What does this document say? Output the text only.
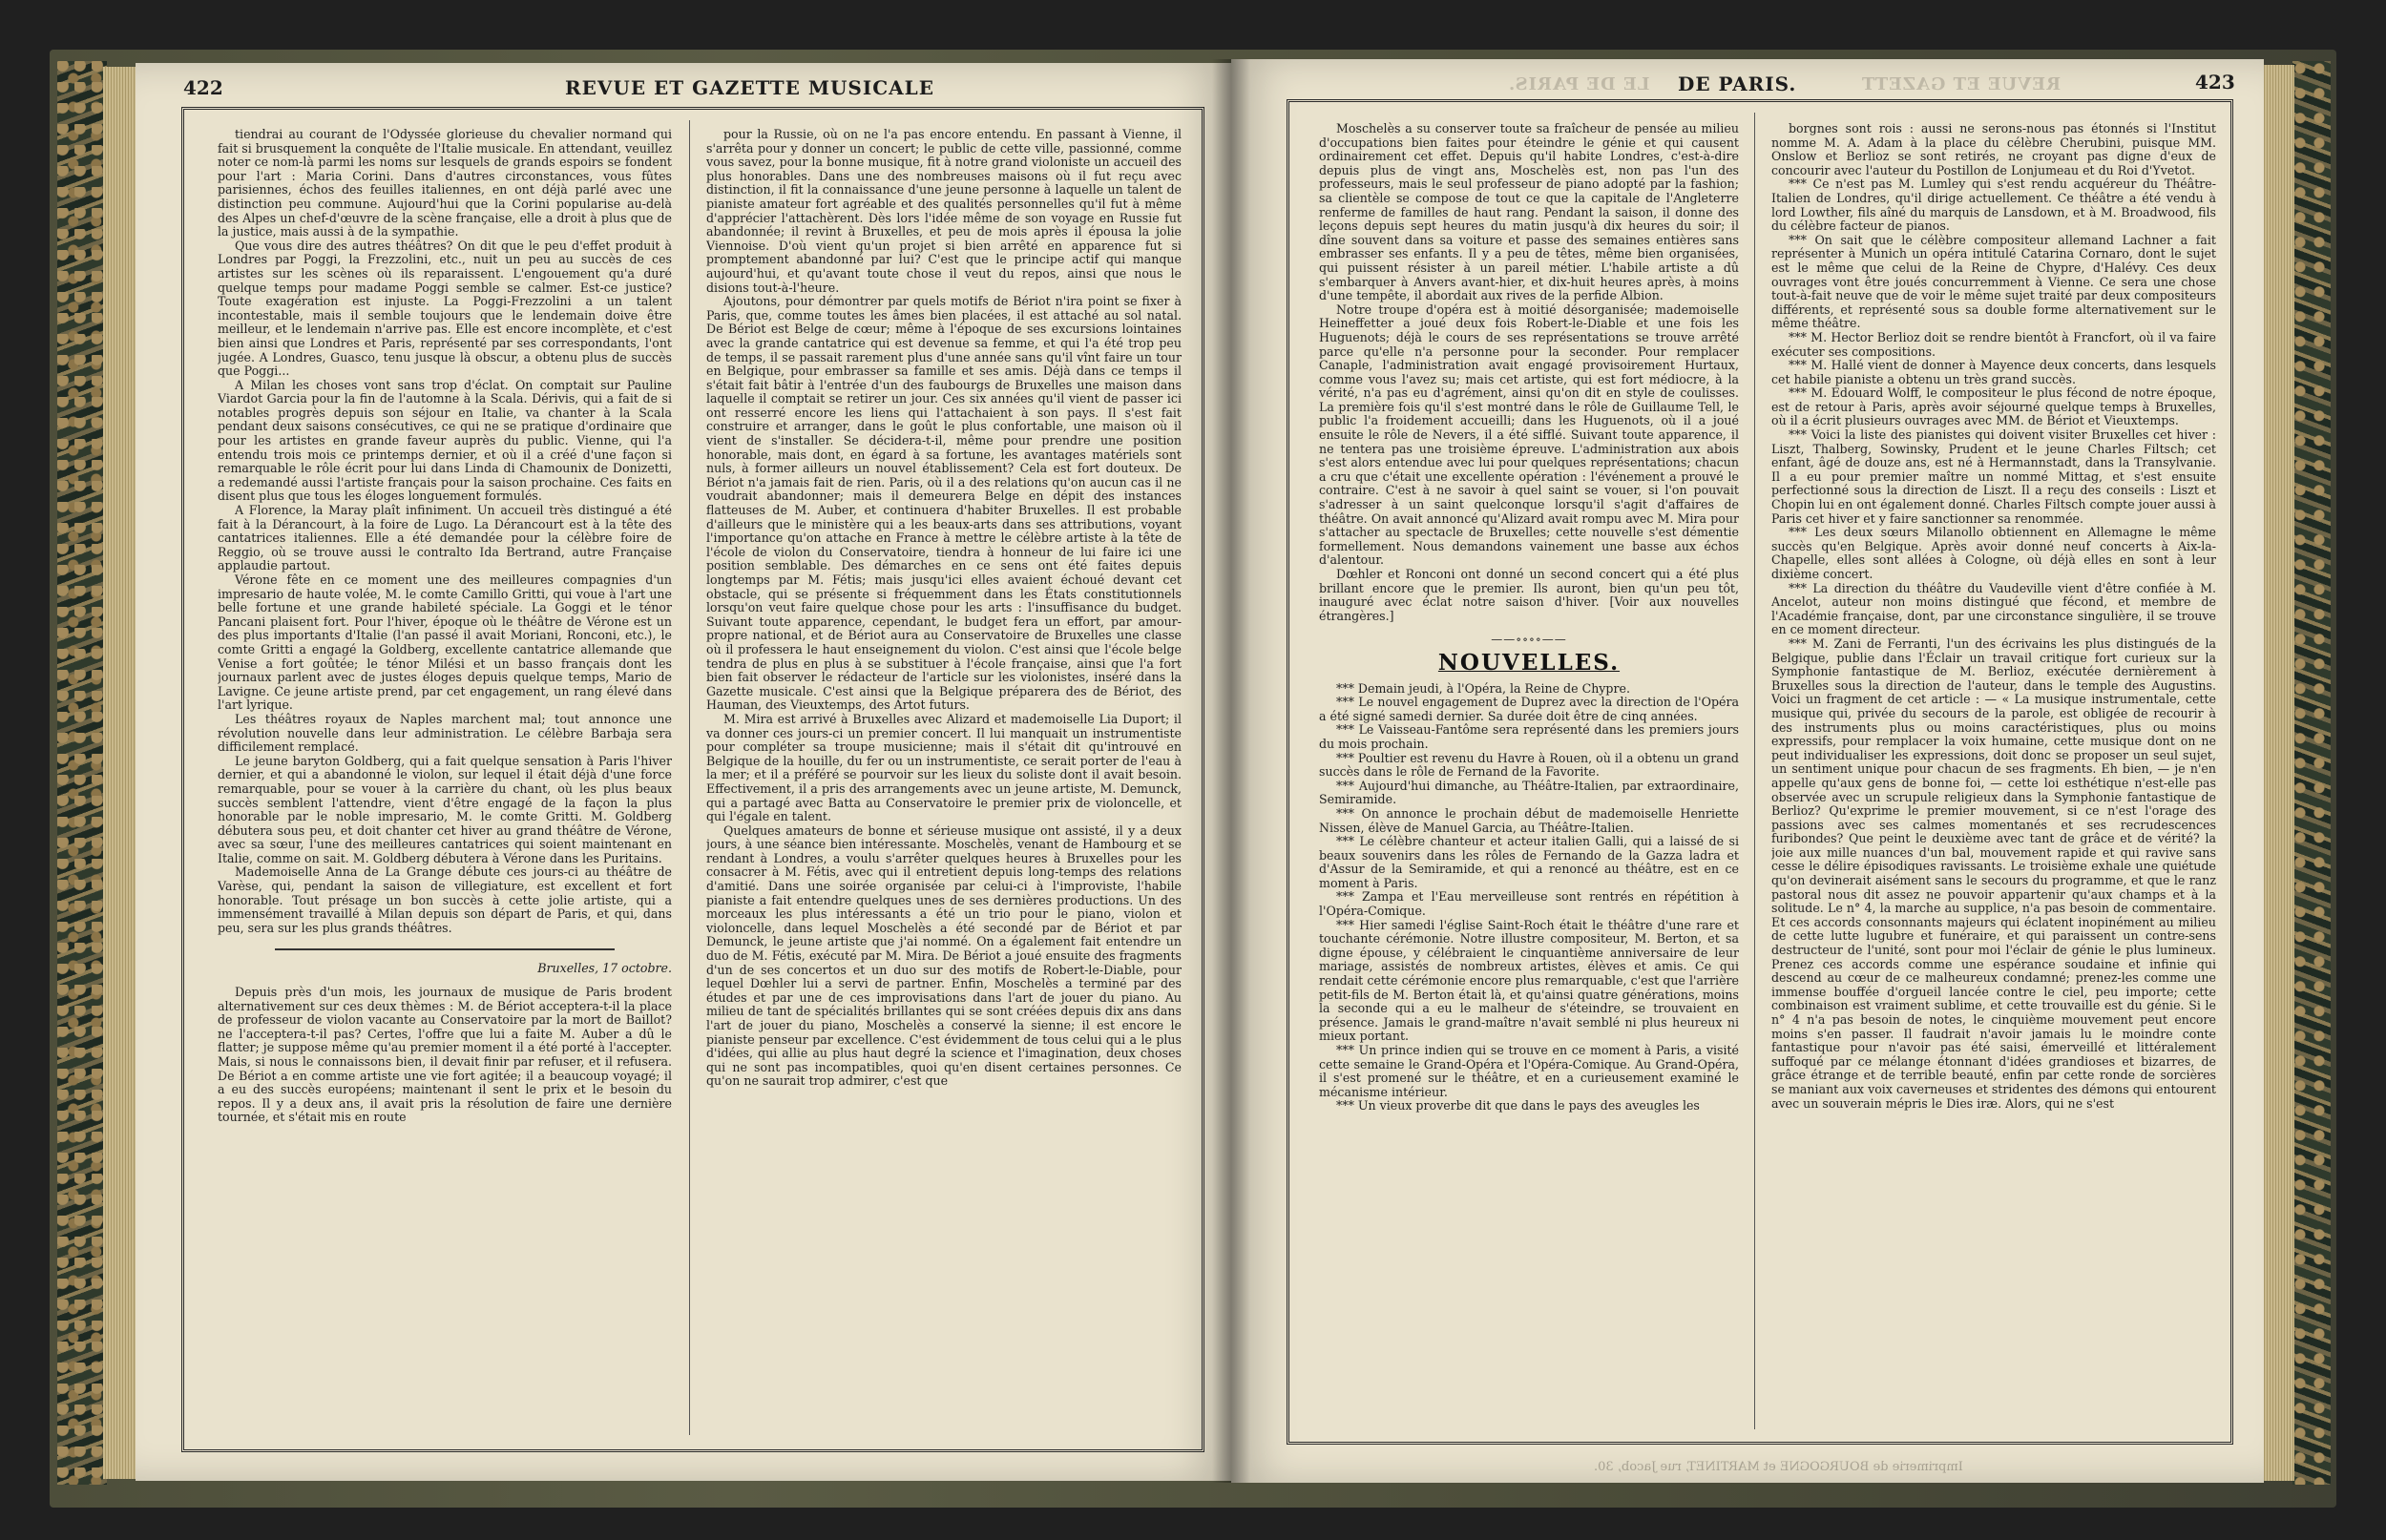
422	REVUE ET GAZETTE MUSICALE

tiendrai au courant de l'Odyssée glorieuse du chevalier normand qui fait si brusquement la conquête de l'Italie musicale. En attendant, veuillez noter ce nom-là parmi les noms sur lesquels de grands espoirs se fondent pour l'art : Maria Corini. Dans d'autres circonstances, vous fûtes parisiennes, échos des feuilles italiennes, en ont déjà parlé avec une distinction peu commune. Aujourd'hui que la Corini popularise au-delà des Alpes un chef-d'œuvre de la scène française, elle a droit à plus que de la justice, mais aussi à de la sympathie.

Que vous dire des autres théâtres? On dit que le peu d'effet produit à Londres par Poggi, la Frezzolini, etc., nuit un peu au succès de ces artistes sur les scènes où ils reparaissent. L'engouement qu'a duré quelque temps pour madame Poggi semble se calmer. Est-ce justice? Toute exagération est injuste. La Poggi-Frezzolini a un talent incontestable, mais il semble toujours que le lendemain doive être meilleur, et le lendemain n'arrive pas. Elle est encore incomplète, et c'est bien ainsi que Londres et Paris, représenté par ses correspondants, l'ont jugée. A Londres, Guasco, tenu jusque là obscur, a obtenu plus de succès que Poggi...

A Milan les choses vont sans trop d'éclat. On comptait sur Pauline Viardot Garcia pour la fin de l'automne à la Scala. Dérivis, qui a fait de si notables progrès depuis son séjour en Italie, va chanter à la Scala pendant deux saisons consécutives, ce qui ne se pratique d'ordinaire que pour les artistes en grande faveur auprès du public. Vienne, qui l'a entendu trois mois ce printemps dernier, et où il a créé d'une façon si remarquable le rôle écrit pour lui dans Linda di Chamounix de Donizetti, a redemandé aussi l'artiste français pour la saison prochaine. Ces faits en disent plus que tous les éloges longuement formulés.

A Florence, la Maray plaît infiniment. Un accueil très distingué a été fait à la Dérancourt, à la foire de Lugo. La Dérancourt est à la tête des cantatrices italiennes. Elle a été demandée pour la célèbre foire de Reggio, où se trouve aussi le contralto Ida Bertrand, autre Française applaudie partout.

Vérone fête en ce moment une des meilleures compagnies d'un impresario de haute volée, M. le comte Camillo Gritti, qui voue à l'art une belle fortune et une grande habileté spéciale. La Goggi et le ténor Pancani plaisent fort. Pour l'hiver, époque où le théâtre de Vérone est un des plus importants d'Italie (l'an passé il avait Moriani, Ronconi, etc.), le comte Gritti a engagé la Goldberg, excellente cantatrice allemande que Venise a fort goûtée; le ténor Milési et un basso français dont les journaux parlent avec de justes éloges depuis quelque temps, Mario de Lavigne. Ce jeune artiste prend, par cet engagement, un rang élevé dans l'art lyrique.

Les théâtres royaux de Naples marchent mal; tout annonce une révolution nouvelle dans leur administration. Le célèbre Barbaja sera difficilement remplacé.

Le jeune baryton Goldberg, qui a fait quelque sensation à Paris l'hiver dernier, et qui a abandonné le violon, sur lequel il était déjà d'une force remarquable, pour se vouer à la carrière du chant, où les plus beaux succès semblent l'attendre, vient d'être engagé de la façon la plus honorable par le noble impresario, M. le comte Gritti. M. Goldberg débutera sous peu, et doit chanter cet hiver au grand théâtre de Vérone, avec sa sœur, l'une des meilleures cantatrices qui soient maintenant en Italie, comme on sait. M. Goldberg débutera à Vérone dans les Puritains.

Mademoiselle Anna de La Grange débute ces jours-ci au théâtre de Varèse, qui, pendant la saison de villegiature, est excellent et fort honorable. Tout présage un bon succès à cette jolie artiste, qui a immensément travaillé à Milan depuis son départ de Paris, et qui, dans peu, sera sur les plus grands théâtres.

Bruxelles, 17 octobre.

Depuis près d'un mois, les journaux de musique de Paris brodent alternativement sur ces deux thèmes : M. de Bériot acceptera-t-il la place de professeur de violon vacante au Conservatoire par la mort de Baillot? ne l'acceptera-t-il pas? Certes, l'offre que lui a faite M. Auber a dû le flatter; je suppose même qu'au premier moment il a été porté à l'accepter. Mais, si nous le connaissons bien, il devait finir par refuser, et il refusera. De Bériot a en comme artiste une vie fort agitée; il a beaucoup voyagé; il a eu des succès européens; maintenant il sent le prix et le besoin du repos. Il y a deux ans, il avait pris la résolution de faire une dernière tournée, et s'était mis en route

pour la Russie, où on ne l'a pas encore entendu. En passant à Vienne, il s'arrêta pour y donner un concert; le public de cette ville, passionné, comme vous savez, pour la bonne musique, fit à notre grand violoniste un accueil des plus honorables. Dans une des nombreuses maisons où il fut reçu avec distinction, il fit la connaissance d'une jeune personne à laquelle un talent de pianiste amateur fort agréable et des qualités personnelles qu'il fut à même d'apprécier l'attachèrent. Dès lors l'idée même de son voyage en Russie fut abandonnée; il revint à Bruxelles, et peu de mois après il épousa la jolie Viennoise. D'où vient qu'un projet si bien arrêté en apparence fut si promptement abandonné par lui? C'est que le principe actif qui manque aujourd'hui, et qu'avant toute chose il veut du repos, ainsi que nous le disions tout-à-l'heure.

Ajoutons, pour démontrer par quels motifs de Bériot n'ira point se fixer à Paris, que, comme toutes les âmes bien placées, il est attaché au sol natal. De Bériot est Belge de cœur; même à l'époque de ses excursions lointaines avec la grande cantatrice qui est devenue sa femme, et qui l'a été trop peu de temps, il se passait rarement plus d'une année sans qu'il vînt faire un tour en Belgique, pour embrasser sa famille et ses amis. Déjà dans ce temps il s'était fait bâtir à l'entrée d'un des faubourgs de Bruxelles une maison dans laquelle il comptait se retirer un jour. Ces six années qu'il vient de passer ici ont resserré encore les liens qui l'attachaient à son pays. Il s'est fait construire et arranger, dans le goût le plus confortable, une maison où il vient de s'installer. Se décidera-t-il, même pour prendre une position honorable, mais dont, en égard à sa fortune, les avantages matériels sont nuls, à former ailleurs un nouvel établissement? Cela est fort douteux. De Bériot n'a jamais fait de rien. Paris, où il a des relations qu'on aucun cas il ne voudrait abandonner; mais il demeurera Belge en dépit des instances flatteuses de M. Auber, et continuera d'habiter Bruxelles. Il est probable d'ailleurs que le ministère qui a les beaux-arts dans ses attributions, voyant l'importance qu'on attache en France à mettre le célèbre artiste à la tête de l'école de violon du Conservatoire, tiendra à honneur de lui faire ici une position semblable. Des démarches en ce sens ont été faites depuis longtemps par M. Fétis; mais jusqu'ici elles avaient échoué devant cet obstacle, qui se présente si fréquemment dans les États constitutionnels lorsqu'on veut faire quelque chose pour les arts : l'insuffisance du budget. Suivant toute apparence, cependant, le budget fera un effort, par amour-propre national, et de Bériot aura au Conservatoire de Bruxelles une classe où il professera le haut enseignement du violon. C'est ainsi que l'école belge tendra de plus en plus à se substituer à l'école française, ainsi que l'a fort bien fait observer le rédacteur de l'article sur les violonistes, inséré dans la Gazette musicale. C'est ainsi que la Belgique préparera des de Bériot, des Hauman, des Vieuxtemps, des Artot futurs.

M. Mira est arrivé à Bruxelles avec Alizard et mademoiselle Lia Duport; il va donner ces jours-ci un premier concert. Il lui manquait un instrumentiste pour compléter sa troupe musicienne; mais il s'était dit qu'introuvé en Belgique de la houille, du fer ou un instrumentiste, ce serait porter de l'eau à la mer; et il a préféré se pourvoir sur les lieux du soliste dont il avait besoin. Effectivement, il a pris des arrangements avec un jeune artiste, M. Demunck, qui a partagé avec Batta au Conservatoire le premier prix de violoncelle, et qui l'égale en talent.

Quelques amateurs de bonne et sérieuse musique ont assisté, il y a deux jours, à une séance bien intéressante. Moschelès, venant de Hambourg et se rendant à Londres, a voulu s'arrêter quelques heures à Bruxelles pour les consacrer à M. Fétis, avec qui il entretient depuis long-temps des relations d'amitié. Dans une soirée organisée par celui-ci à l'improviste, l'habile pianiste a fait entendre quelques unes de ses dernières productions. Un des morceaux les plus intéressants a été un trio pour le piano, violon et violoncelle, dans lequel Moschelès a été secondé par de Bériot et par Demunck, le jeune artiste que j'ai nommé. On a également fait entendre un duo de M. Fétis, exécuté par M. Mira. De Bériot a joué ensuite des fragments d'un de ses concertos et un duo sur des motifs de Robert-le-Diable, pour lequel Dœhler lui a servi de partner. Enfin, Moschelès a terminé par des études et par une de ces improvisations dans l'art de jouer du piano. Au milieu de tant de spécialités brillantes qui se sont créées depuis dix ans dans l'art de jouer du piano, Moschelès a conservé la sienne; il est encore le pianiste penseur par excellence. C'est évidemment de tous celui qui a le plus d'idées, qui allie au plus haut degré la science et l'imagination, deux choses qui ne sont pas incompatibles, quoi qu'en disent certaines personnes. Ce qu'on ne saurait trop admirer, c'est que

LE DE PARIS.	REVUE ET GAZETT
DE PARIS.	423

Moschelès a su conserver toute sa fraîcheur de pensée au milieu d'occupations bien faites pour éteindre le génie et qui causent ordinairement cet effet. Depuis qu'il habite Londres, c'est-à-dire depuis plus de vingt ans, Moschelès est, non pas l'un des professeurs, mais le seul professeur de piano adopté par la fashion; sa clientèle se compose de tout ce que la capitale de l'Angleterre renferme de familles de haut rang. Pendant la saison, il donne des leçons depuis sept heures du matin jusqu'à dix heures du soir; il dîne souvent dans sa voiture et passe des semaines entières sans embrasser ses enfants. Il y a peu de têtes, même bien organisées, qui puissent résister à un pareil métier. L'habile artiste a dû s'embarquer à Anvers avant-hier, et dix-huit heures après, à moins d'une tempête, il abordait aux rives de la perfide Albion.

Notre troupe d'opéra est à moitié désorganisée; mademoiselle Heineffetter a joué deux fois Robert-le-Diable et une fois les Huguenots; déjà le cours de ses représentations se trouve arrêté parce qu'elle n'a personne pour la seconder. Pour remplacer Canaple, l'administration avait engagé provisoirement Hurtaux, comme vous l'avez su; mais cet artiste, qui est fort médiocre, à la vérité, n'a pas eu d'agrément, ainsi qu'on dit en style de coulisses. La première fois qu'il s'est montré dans le rôle de Guillaume Tell, le public l'a froidement accueilli; dans les Huguenots, où il a joué ensuite le rôle de Nevers, il a été sifflé. Suivant toute apparence, il ne tentera pas une troisième épreuve. L'administration aux abois s'est alors entendue avec lui pour quelques représentations; chacun a cru que c'était une excellente opération : l'événement a prouvé le contraire. C'est à ne savoir à quel saint se vouer, si l'on pouvait s'adresser à un saint quelconque lorsqu'il s'agit d'affaires de théâtre. On avait annoncé qu'Alizard avait rompu avec M. Mira pour s'attacher au spectacle de Bruxelles; cette nouvelle s'est démentie formellement. Nous demandons vainement une basse aux échos d'alentour.

Dœhler et Ronconi ont donné un second concert qui a été plus brillant encore que le premier. Ils auront, bien qu'un peu tôt, inauguré avec éclat notre saison d'hiver. [Voir aux nouvelles étrangères.]

——∘∘∘∘——
NOUVELLES.

*** Demain jeudi, à l'Opéra, la Reine de Chypre.

*** Le nouvel engagement de Duprez avec la direction de l'Opéra a été signé samedi dernier. Sa durée doit être de cinq années.

*** Le Vaisseau-Fantôme sera représenté dans les premiers jours du mois prochain.

*** Poultier est revenu du Havre à Rouen, où il a obtenu un grand succès dans le rôle de Fernand de la Favorite.

*** Aujourd'hui dimanche, au Théâtre-Italien, par extraordinaire, Semiramide.

*** On annonce le prochain début de mademoiselle Henriette Nissen, élève de Manuel Garcia, au Théâtre-Italien.

*** Le célèbre chanteur et acteur italien Galli, qui a laissé de si beaux souvenirs dans les rôles de Fernando de la Gazza ladra et d'Assur de la Semiramide, et qui a renoncé au théâtre, est en ce moment à Paris.

*** Zampa et l'Eau merveilleuse sont rentrés en répétition à l'Opéra-Comique.

*** Hier samedi l'église Saint-Roch était le théâtre d'une rare et touchante cérémonie. Notre illustre compositeur, M. Berton, et sa digne épouse, y célébraient le cinquantième anniversaire de leur mariage, assistés de nombreux artistes, élèves et amis. Ce qui rendait cette cérémonie encore plus remarquable, c'est que l'arrière petit-fils de M. Berton était là, et qu'ainsi quatre générations, moins la seconde qui a eu le malheur de s'éteindre, se trouvaient en présence. Jamais le grand-maître n'avait semblé ni plus heureux ni mieux portant.

*** Un prince indien qui se trouve en ce moment à Paris, a visité cette semaine le Grand-Opéra et l'Opéra-Comique. Au Grand-Opéra, il s'est promené sur le théâtre, et en a curieusement examiné le mécanisme intérieur.

*** Un vieux proverbe dit que dans le pays des aveugles les

borgnes sont rois : aussi ne serons-nous pas étonnés si l'Institut nomme M. A. Adam à la place du célèbre Cherubini, puisque MM. Onslow et Berlioz se sont retirés, ne croyant pas digne d'eux de concourir avec l'auteur du Postillon de Lonjumeau et du Roi d'Yvetot.

*** Ce n'est pas M. Lumley qui s'est rendu acquéreur du Théâtre-Italien de Londres, qu'il dirige actuellement. Ce théâtre a été vendu à lord Lowther, fils aîné du marquis de Lansdown, et à M. Broadwood, fils du célèbre facteur de pianos.

*** On sait que le célèbre compositeur allemand Lachner a fait représenter à Munich un opéra intitulé Catarina Cornaro, dont le sujet est le même que celui de la Reine de Chypre, d'Halévy. Ces deux ouvrages vont être joués concurremment à Vienne. Ce sera une chose tout-à-fait neuve que de voir le même sujet traité par deux compositeurs différents, et représenté sous sa double forme alternativement sur le même théâtre.

*** M. Hector Berlioz doit se rendre bientôt à Francfort, où il va faire exécuter ses compositions.

*** M. Hallé vient de donner à Mayence deux concerts, dans lesquels cet habile pianiste a obtenu un très grand succès.

*** M. Edouard Wolff, le compositeur le plus fécond de notre époque, est de retour à Paris, après avoir séjourné quelque temps à Bruxelles, où il a écrit plusieurs ouvrages avec MM. de Bériot et Vieuxtemps.

*** Voici la liste des pianistes qui doivent visiter Bruxelles cet hiver : Liszt, Thalberg, Sowinsky, Prudent et le jeune Charles Filtsch; cet enfant, âgé de douze ans, est né à Hermannstadt, dans la Transylvanie. Il a eu pour premier maître un nommé Mittag, et s'est ensuite perfectionné sous la direction de Liszt. Il a reçu des conseils : Liszt et Chopin lui en ont également donné. Charles Filtsch compte jouer aussi à Paris cet hiver et y faire sanctionner sa renommée.

*** Les deux sœurs Milanollo obtiennent en Allemagne le même succès qu'en Belgique. Après avoir donné neuf concerts à Aix-la-Chapelle, elles sont allées à Cologne, où déjà elles en sont à leur dixième concert.

*** La direction du théâtre du Vaudeville vient d'être confiée à M. Ancelot, auteur non moins distingué que fécond, et membre de l'Académie française, dont, par une circonstance singulière, il se trouve en ce moment directeur.

*** M. Zani de Ferranti, l'un des écrivains les plus distingués de la Belgique, publie dans l'Éclair un travail critique fort curieux sur la Symphonie fantastique de M. Berlioz, exécutée dernièrement à Bruxelles sous la direction de l'auteur, dans le temple des Augustins. Voici un fragment de cet article : — « La musique instrumentale, cette musique qui, privée du secours de la parole, est obligée de recourir à des instruments plus ou moins caractéristiques, plus ou moins expressifs, pour remplacer la voix humaine, cette musique dont on ne peut individualiser les expressions, doit donc se proposer un seul sujet, un sentiment unique pour chacun de ses fragments. Eh bien, — je n'en appelle qu'aux gens de bonne foi, — cette loi esthétique n'est-elle pas observée avec un scrupule religieux dans la Symphonie fantastique de Berlioz? Qu'exprime le premier mouvement, si ce n'est l'orage des passions avec ses calmes momentanés et ses recrudescences furibondes? Que peint le deuxième avec tant de grâce et de vérité? la joie aux mille nuances d'un bal, mouvement rapide et qui ravive sans cesse le délire épisodiques ravissants. Le troisième exhale une quiétude qu'on devinerait aisément sans le secours du programme, et que le ranz pastoral nous dit assez ne pouvoir appartenir qu'aux champs et à la solitude. Le n° 4, la marche au supplice, n'a pas besoin de commentaire. Et ces accords consonnants majeurs qui éclatent inopinément au milieu de cette lutte lugubre et funéraire, et qui paraissent un contre-sens destructeur de l'unité, sont pour moi l'éclair de génie le plus lumineux. Prenez ces accords comme une espérance soudaine et infinie qui descend au cœur de ce malheureux condamné; prenez-les comme une immense bouffée d'orgueil lancée contre le ciel, peu importe; cette combinaison est vraiment sublime, et cette trouvaille est du génie. Si le n° 4 n'a pas besoin de notes, le cinquième mouvement peut encore moins s'en passer. Il faudrait n'avoir jamais lu le moindre conte fantastique pour n'avoir pas été saisi, émerveillé et littéralement suffoqué par ce mélange étonnant d'idées grandioses et bizarres, de grâce étrange et de terrible beauté, enfin par cette ronde de sorcières se maniant aux voix caverneuses et stridentes des démons qui entourent avec un souverain mépris le Dies iræ. Alors, qui ne s'est

Imprimerie de BOURGOGNE et MARTINET, rue Jacob, 30.
